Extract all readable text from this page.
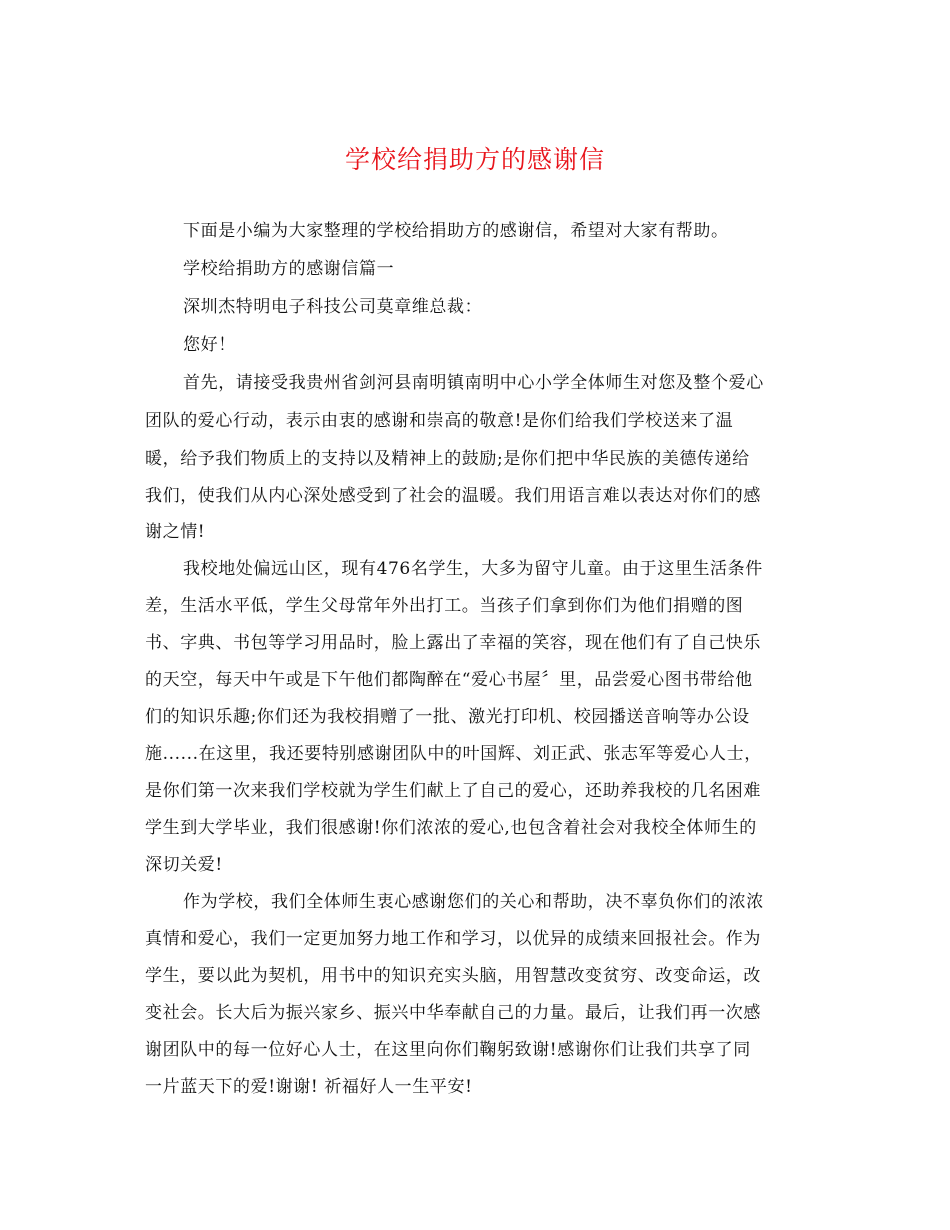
学校给捐助方的感谢信
下面是小编为大家整理的学校给捐助方的感谢信，希望对大家有帮助。
学校给捐助方的感谢信篇一
深圳杰特明电子科技公司莫章维总裁：
您好！
首先，请接受我贵州省剑河县南明镇南明中心小学全体师生对您及整个爱心
团队的爱心行动，表示由衷的感谢和崇高的敬意!是你们给我们学校送来了温
暖，给予我们物质上的支持以及精神上的鼓励;是你们把中华民族的美德传递给
我们，使我们从内心深处感受到了社会的温暖。我们用语言难以表达对你们的感
谢之情!
我校地处偏远山区，现有476名学生，大多为留守儿童。由于这里生活条件
差，生活水平低，学生父母常年外出打工。当孩子们拿到你们为他们捐赠的图
书、字典、书包等学习用品时，脸上露出了幸福的笑容，现在他们有了自己快乐
的天空，每天中午或是下午他们都陶醉在“爱心书屋〞里，品尝爱心图书带给他
们的知识乐趣;你们还为我校捐赠了一批、激光打印机、校园播送音响等办公设
施......在这里，我还要特别感谢团队中的叶国辉、刘正武、张志军等爱心人士，
是你们第一次来我们学校就为学生们献上了自己的爱心，还助养我校的几名困难
学生到大学毕业，我们很感谢!你们浓浓的爱心,也包含着社会对我校全体师生的
深切关爱!
作为学校，我们全体师生衷心感谢您们的关心和帮助，决不辜负你们的浓浓
真情和爱心，我们一定更加努力地工作和学习，以优异的成绩来回报社会。作为
学生，要以此为契机，用书中的知识充实头脑，用智慧改变贫穷、改变命运，改
变社会。长大后为振兴家乡、振兴中华奉献自己的力量。最后，让我们再一次感
谢团队中的每一位好心人士，在这里向你们鞠躬致谢!感谢你们让我们共享了同
一片蓝天下的爱!谢谢! 祈福好人一生平安!
